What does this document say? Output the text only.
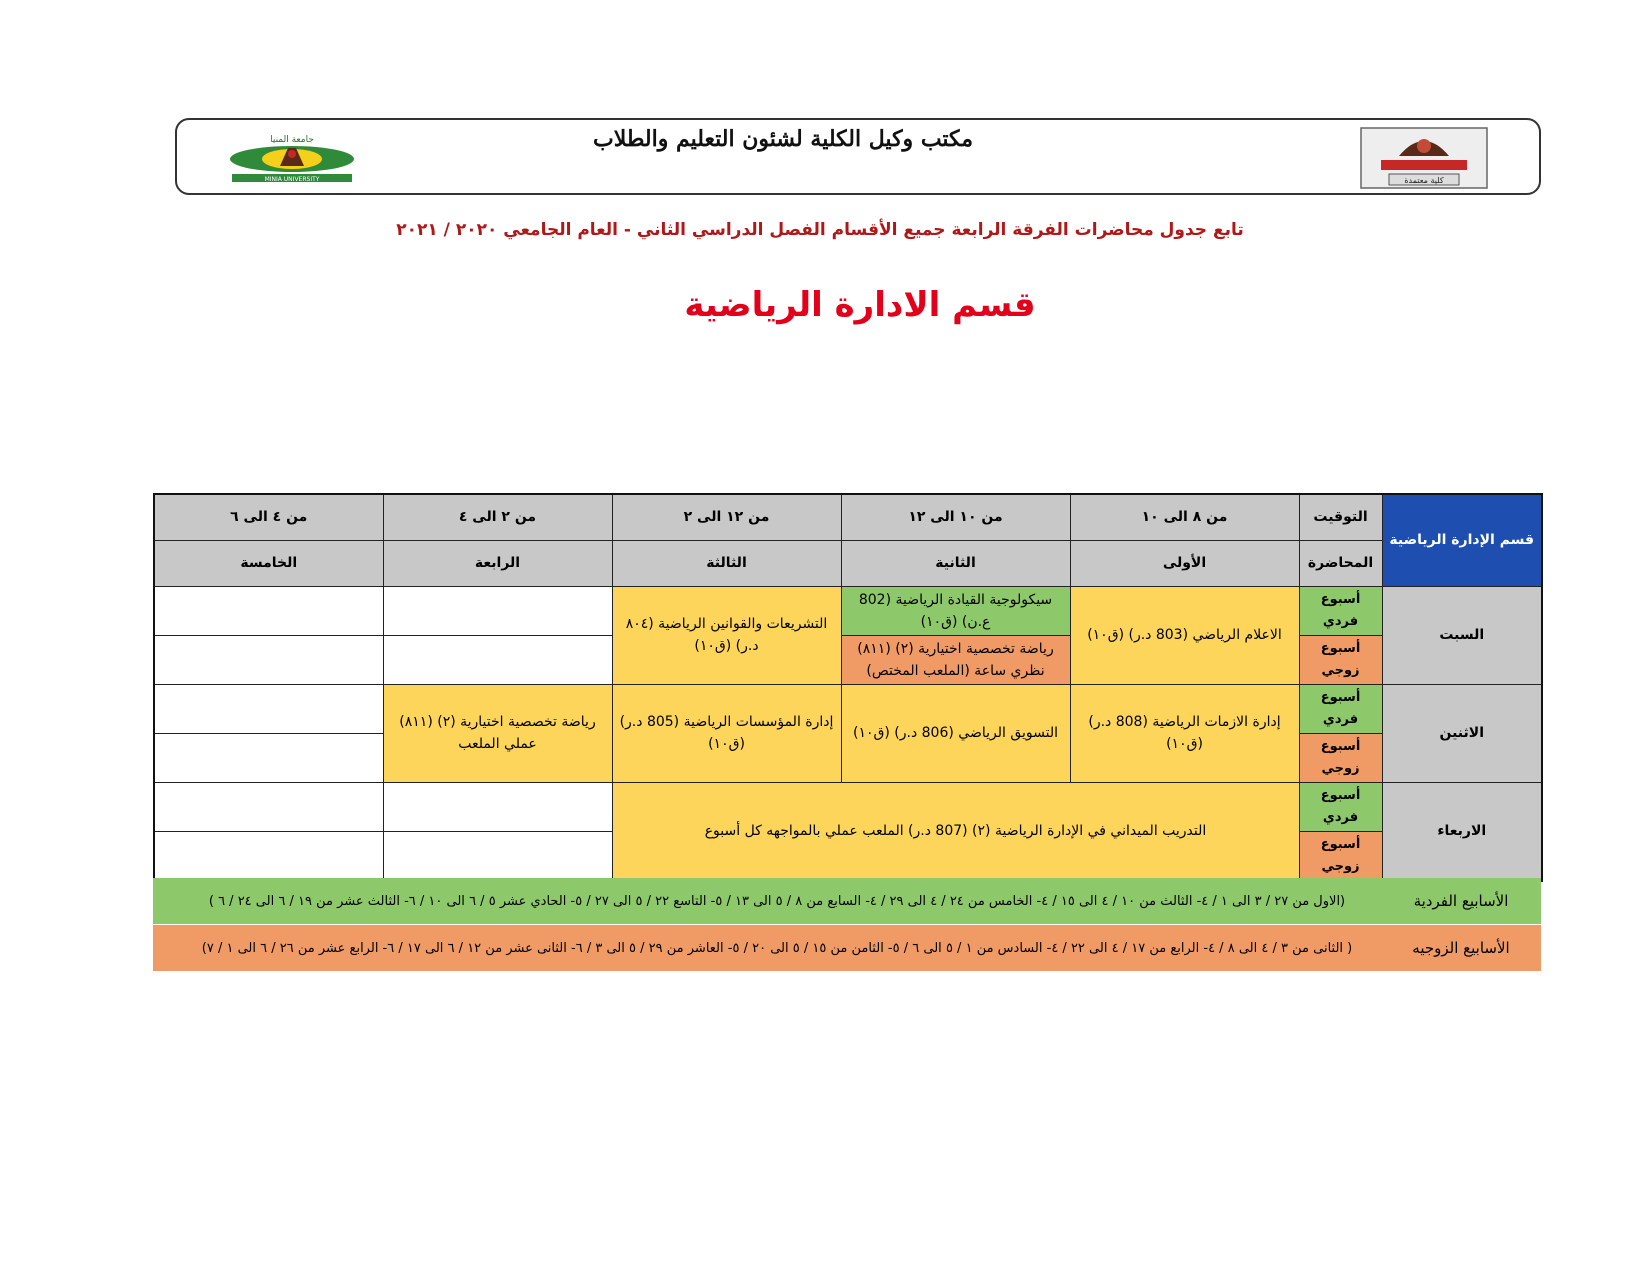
جامعة المنيا
MINIA UNIVERSITY
مكتب وكيل الكلية لشئون التعليم والطلاب
كلية معتمدة
تابع جدول محاضرات الفرقة الرابعة جميع الأقسام الفصل الدراسي الثاني - العام الجامعي ٢٠٢٠ / ٢٠٢١
قسم الادارة الرياضية
قسم الإدارة الرياضية	التوقيت	من ٨ الى ١٠	من ١٠ الى ١٢	من ١٢ الى ٢	من ٢ الى ٤	من ٤ الى ٦
	المحاضرة	الأولى	الثانية	الثالثة	الرابعة	الخامسة
السبت	أسبوع فردي	الاعلام الرياضي (803 د.ر) (ق١٠)	سيكولوجية القيادة الرياضية (802 ع.ن) (ق١٠)	التشريعات والقوانين الرياضية (٨٠٤ د.ر) (ق١٠)		
	أسبوع زوجي		رياضة تخصصية اختيارية (٢) (٨١١) نظري ساعة (الملعب المختص)			
الاثنين	أسبوع فردي	إدارة الازمات الرياضية (808 د.ر) (ق١٠)	التسويق الرياضي (806 د.ر) (ق١٠)	إدارة المؤسسات الرياضية (805 د.ر) (ق١٠)	رياضة تخصصية اختيارية (٢) (٨١١) عملي الملعب	
	أسبوع زوجي					
الاربعاء	أسبوع فردي	التدريب الميداني في الإدارة الرياضية (٢) (807 د.ر) الملعب عملي بالمواجهه كل أسبوع				
	أسبوع زوجي					
الأسابيع الفردية
(الاول من ٢٧ / ٣ الى ١ / ٤- الثالث من ١٠ / ٤ الى ١٥ / ٤- الخامس من ٢٤ / ٤ الى ٢٩ / ٤- السابع من ٨ / ٥ الى ١٣ / ٥- التاسع ٢٢ / ٥ الى ٢٧ / ٥- الحادي عشر ٥ / ٦ الى ١٠ / ٦- الثالث عشر من ١٩ / ٦ الى ٢٤ / ٦ )
الأسابيع الزوجيه
( الثانى من ٣ / ٤ الى ٨ / ٤- الرابع من ١٧ / ٤ الى ٢٢ / ٤- السادس من ١ / ٥ الى ٦ / ٥- الثامن من ١٥ / ٥ الى ٢٠ / ٥- العاشر من ٢٩ / ٥ الى ٣ / ٦- الثانى عشر من ١٢ / ٦ الى ١٧ / ٦- الرابع عشر من ٢٦ / ٦ الى ١ / ٧)
